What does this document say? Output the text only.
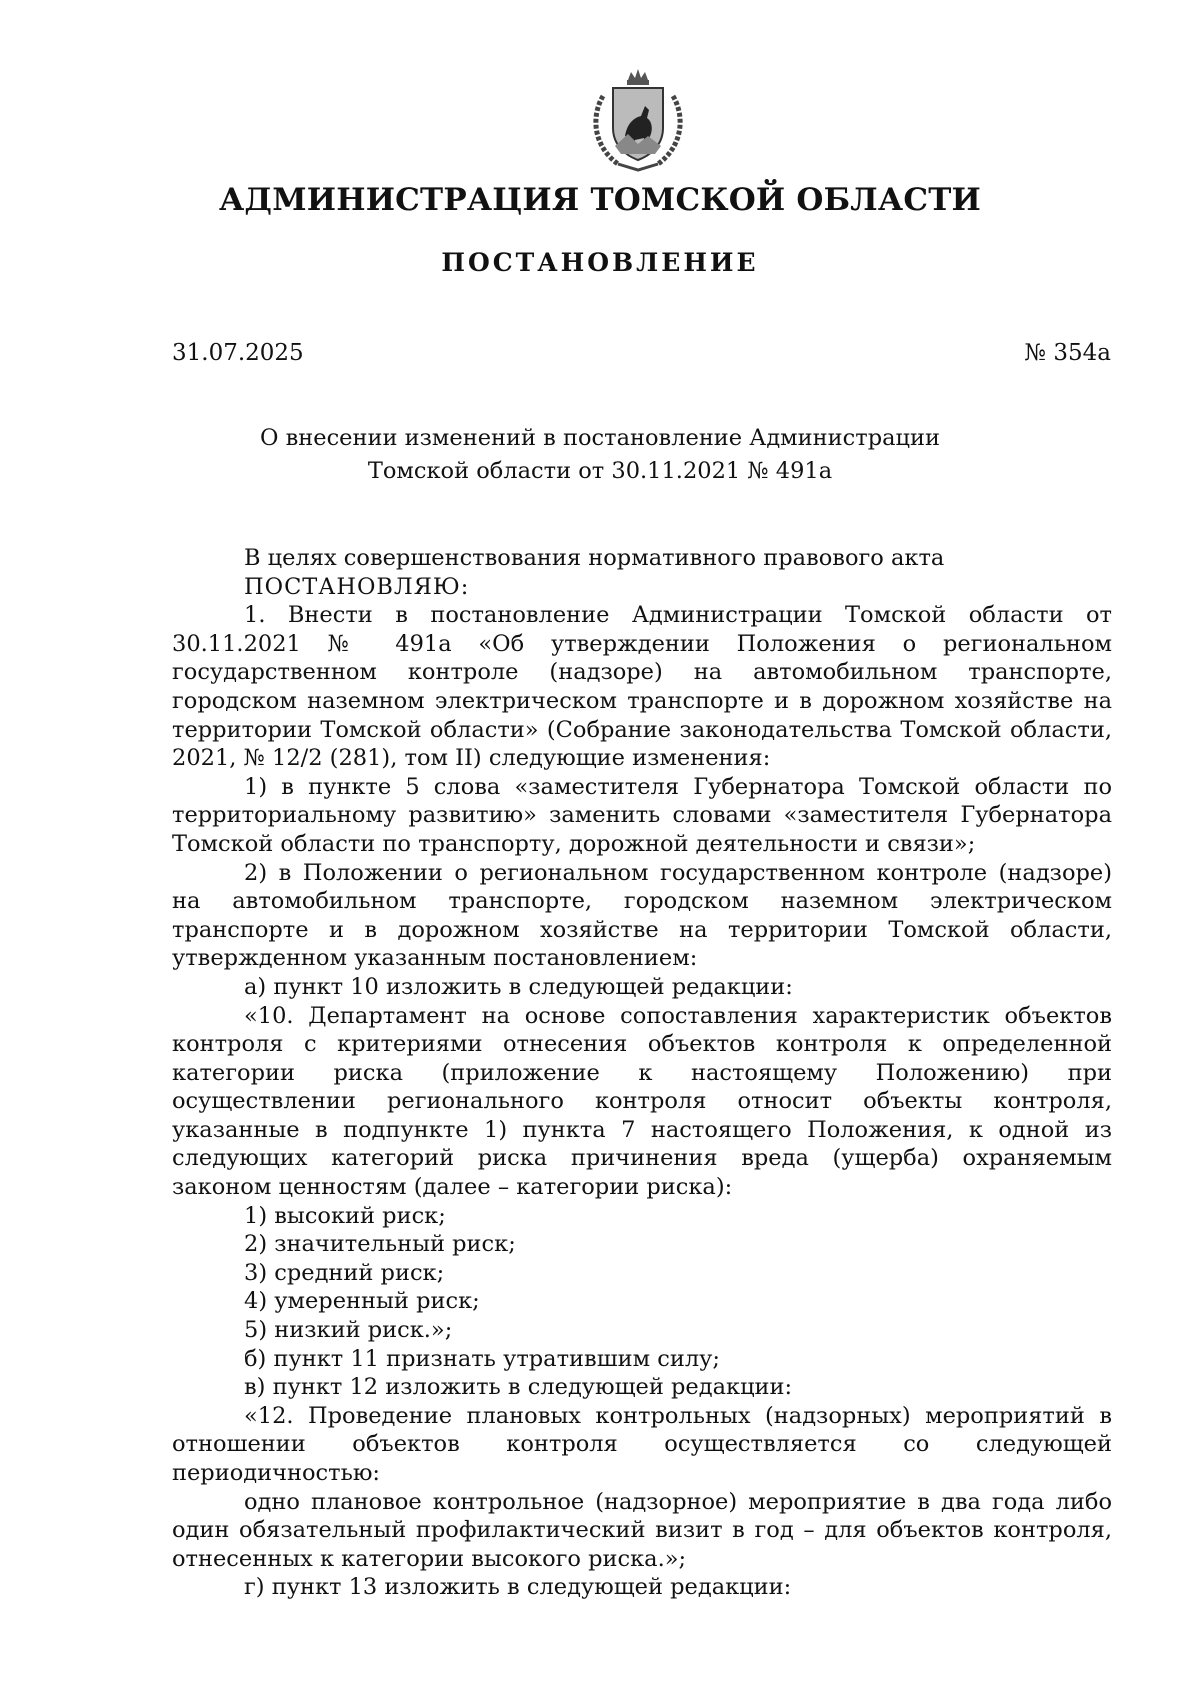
АДМИНИСТРАЦИЯ ТОМСКОЙ ОБЛАСТИ
ПОСТАНОВЛЕНИЕ
31.07.2025	№ 354а
О внесении изменений в постановление Администрации
Томской области от 30.11.2021 № 491а

В целях совершенствования нормативного правового акта

ПОСТАНОВЛЯЮ:

1. Внести в постановление Администрации Томской области от 30.11.2021 № 491а «Об утверждении Положения о региональном государственном контроле (надзоре) на автомобильном транспорте, городском наземном электрическом транспорте и в дорожном хозяйстве на территории Томской области» (Собрание законодательства Томской области, 2021, № 12/2 (281), том II) следующие изменения:

1) в пункте 5 слова «заместителя Губернатора Томской области по территориальному развитию» заменить словами «заместителя Губернатора Томской области по транспорту, дорожной деятельности и связи»;

2) в Положении о региональном государственном контроле (надзоре) на автомобильном транспорте, городском наземном электрическом транспорте и в дорожном хозяйстве на территории Томской области, утвержденном указанным постановлением:

а) пункт 10 изложить в следующей редакции:

«10. Департамент на основе сопоставления характеристик объектов контроля с критериями отнесения объектов контроля к определенной категории риска (приложение к настоящему Положению) при осуществлении регионального контроля относит объекты контроля, указанные в подпункте 1) пункта 7 настоящего Положения, к одной из следующих категорий риска причинения вреда (ущерба) охраняемым законом ценностям (далее – категории риска):

1) высокий риск;

2) значительный риск;

3) средний риск;

4) умеренный риск;

5) низкий риск.»;

б) пункт 11 признать утратившим силу;

в) пункт 12 изложить в следующей редакции:

«12. Проведение плановых контрольных (надзорных) мероприятий в отношении объектов контроля осуществляется со следующей периодичностью:

одно плановое контрольное (надзорное) мероприятие в два года либо один обязательный профилактический визит в год – для объектов контроля, отнесенных к категории высокого риска.»;

г) пункт 13 изложить в следующей редакции:
